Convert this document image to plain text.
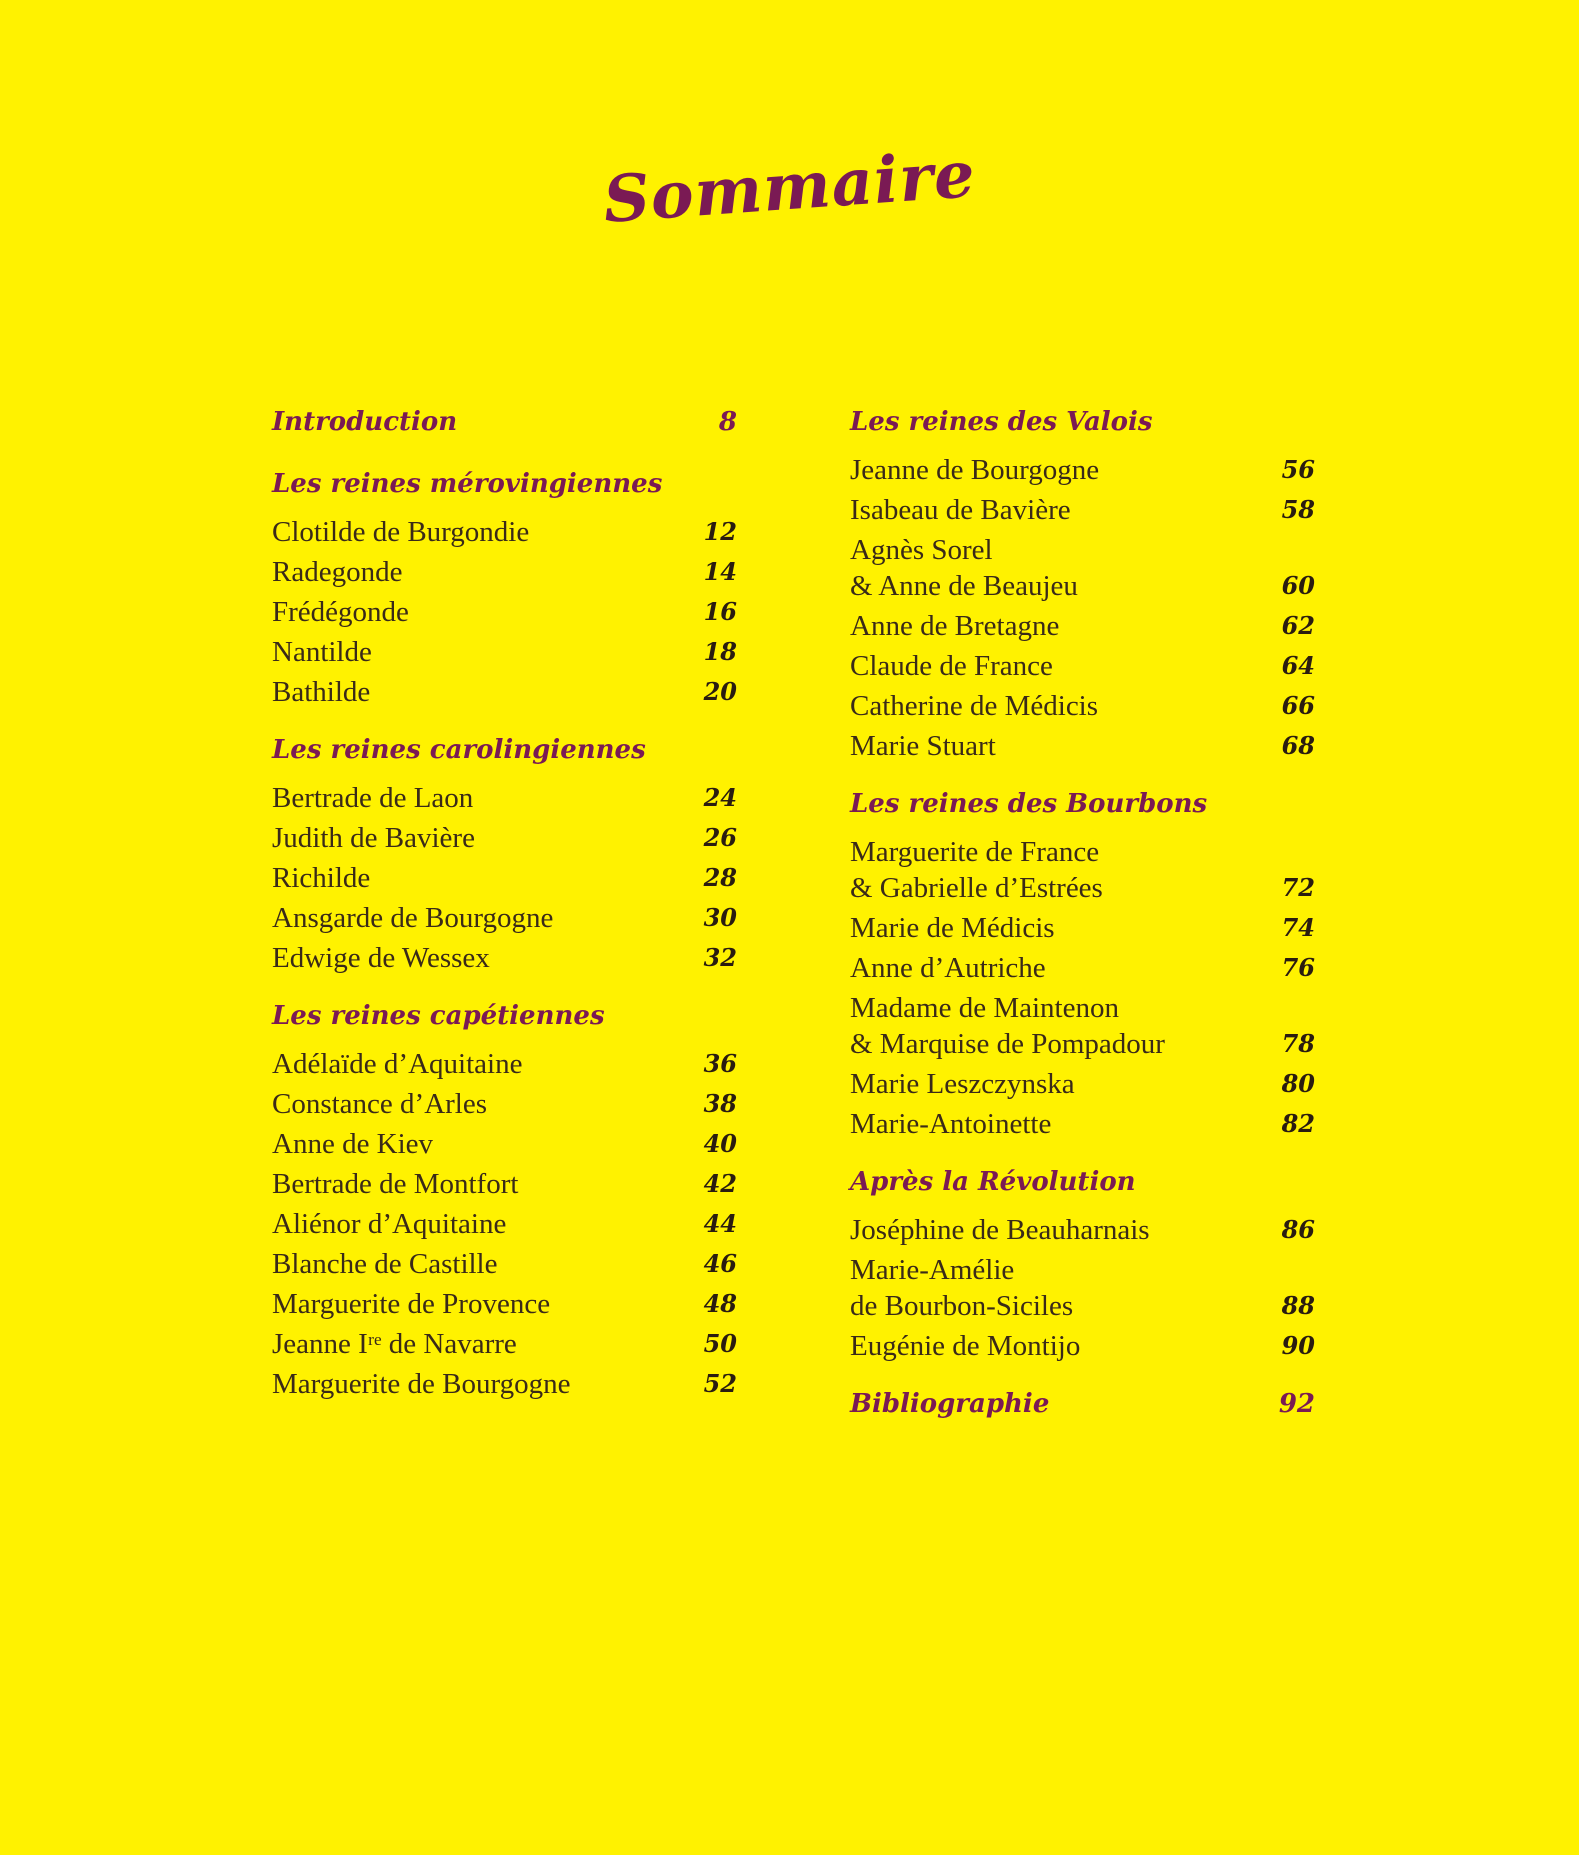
Sommaire
Introduction	8
Les reines mérovingiennes
Clotilde de Burgondie	12
Radegonde	14
Frédégonde	16
Nantilde	18
Bathilde	20
Les reines carolingiennes
Bertrade de Laon	24
Judith de Bavière	26
Richilde	28
Ansgarde de Bourgogne	30
Edwige de Wessex	32
Les reines capétiennes
Adélaïde d’Aquitaine	36
Constance d’Arles	38
Anne de Kiev	40
Bertrade de Montfort	42
Aliénor d’Aquitaine	44
Blanche de Castille	46
Marguerite de Provence	48
Jeanne Iʳᵉ de Navarre	50
Marguerite de Bourgogne	52
Les reines des Valois
Jeanne de Bourgogne	56
Isabeau de Bavière	58
Agnès Sorel
& Anne de Beaujeu	60
Anne de Bretagne	62
Claude de France	64
Catherine de Médicis	66
Marie Stuart	68
Les reines des Bourbons
Marguerite de France
& Gabrielle d’Estrées	72
Marie de Médicis	74
Anne d’Autriche	76
Madame de Maintenon
& Marquise de Pompadour	78
Marie Leszczynska	80
Marie-Antoinette	82
Après la Révolution
Joséphine de Beauharnais	86
Marie-Amélie
de Bourbon-Siciles	88
Eugénie de Montijo	90
Bibliographie	92
